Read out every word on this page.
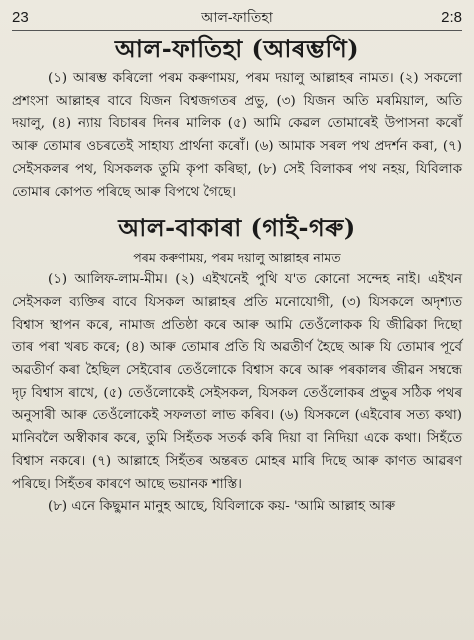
23	আল-ফাতিহা	2:8
আল-ফাতিহা (আৰম্ভণি)

(১) আৰম্ভ কৰিলো পৰম কৰুণাময়, পৰম দয়ালু আল্লাহৰ নামত। (২) সকলো প্ৰশংসা আল্লাহৰ বাবে যিজন বিশ্বজগতৰ প্ৰভু, (৩) যিজন অতি মৰমিয়াল, অতি দয়ালু, (৪) ন্যায় বিচাৰৰ দিনৰ মালিক (৫) আমি কেৱল তোমাৰেই উপাসনা কৰোঁ আৰু তোমাৰ ওচৰতেই সাহায্য প্ৰাৰ্থনা কৰোঁ। (৬) আমাক সৰল পথ প্ৰদৰ্শন কৰা, (৭) সেইসকলৰ পথ, যিসকলক তুমি কৃপা কৰিছা, (৮) সেই বিলাকৰ পথ নহয়, যিবিলাক তোমাৰ কোপত পৰিছে আৰু বিপথে গৈছে।

আল-বাকাৰা (গাই-গৰু)

পৰম কৰুণাময়, পৰম দয়ালু আল্লাহৰ নামত

(১) আলিফ-লাম-মীম। (২) এইখনেই পুথি য'ত কোনো সন্দেহ নাই। এইখন সেইসকল ব্যক্তিৰ বাবে যিসকল আল্লাহৰ প্ৰতি মনোযোগী, (৩) যিসকলে অদৃশ্যত বিশ্বাস স্থাপন কৰে, নামাজ প্ৰতিষ্ঠা কৰে আৰু আমি তেওঁলোকক যি জীৱিকা দিছো তাৰ পৰা খৰচ কৰে; (৪) আৰু তোমাৰ প্ৰতি যি অৱতীৰ্ণ হৈছে আৰু যি তোমাৰ পূৰ্বে অৱতীৰ্ণ কৰা হৈছিল সেইবোৰ তেওঁলোকে বিশ্বাস কৰে আৰু পৰকালৰ জীৱন সম্বন্ধে দৃঢ় বিশ্বাস ৰাখে, (৫) তেওঁলোকেই সেইসকল, যিসকল তেওঁলোকৰ প্ৰভুৰ সঠিক পথৰ অনুসাৰী আৰু তেওঁলোকেই সফলতা লাভ কৰিব। (৬) যিসকলে (এইবোৰ সত্য কথা) মানিবলৈ অস্বীকাৰ কৰে, তুমি সিহঁতক সতৰ্ক কৰি দিয়া বা নিদিয়া একে কথা। সিহঁতে বিশ্বাস নকৰে। (৭) আল্লাহে সিহঁতৰ অন্তৰত মোহৰ মাৰি দিছে আৰু কাণত আৱৰণ পৰিছে। সিহঁতৰ কাৰণে আছে ভয়ানক শাস্তি।

(৮) এনে কিছুমান মানুহ আছে, যিবিলাকে কয়- 'আমি আল্লাহ আৰু
